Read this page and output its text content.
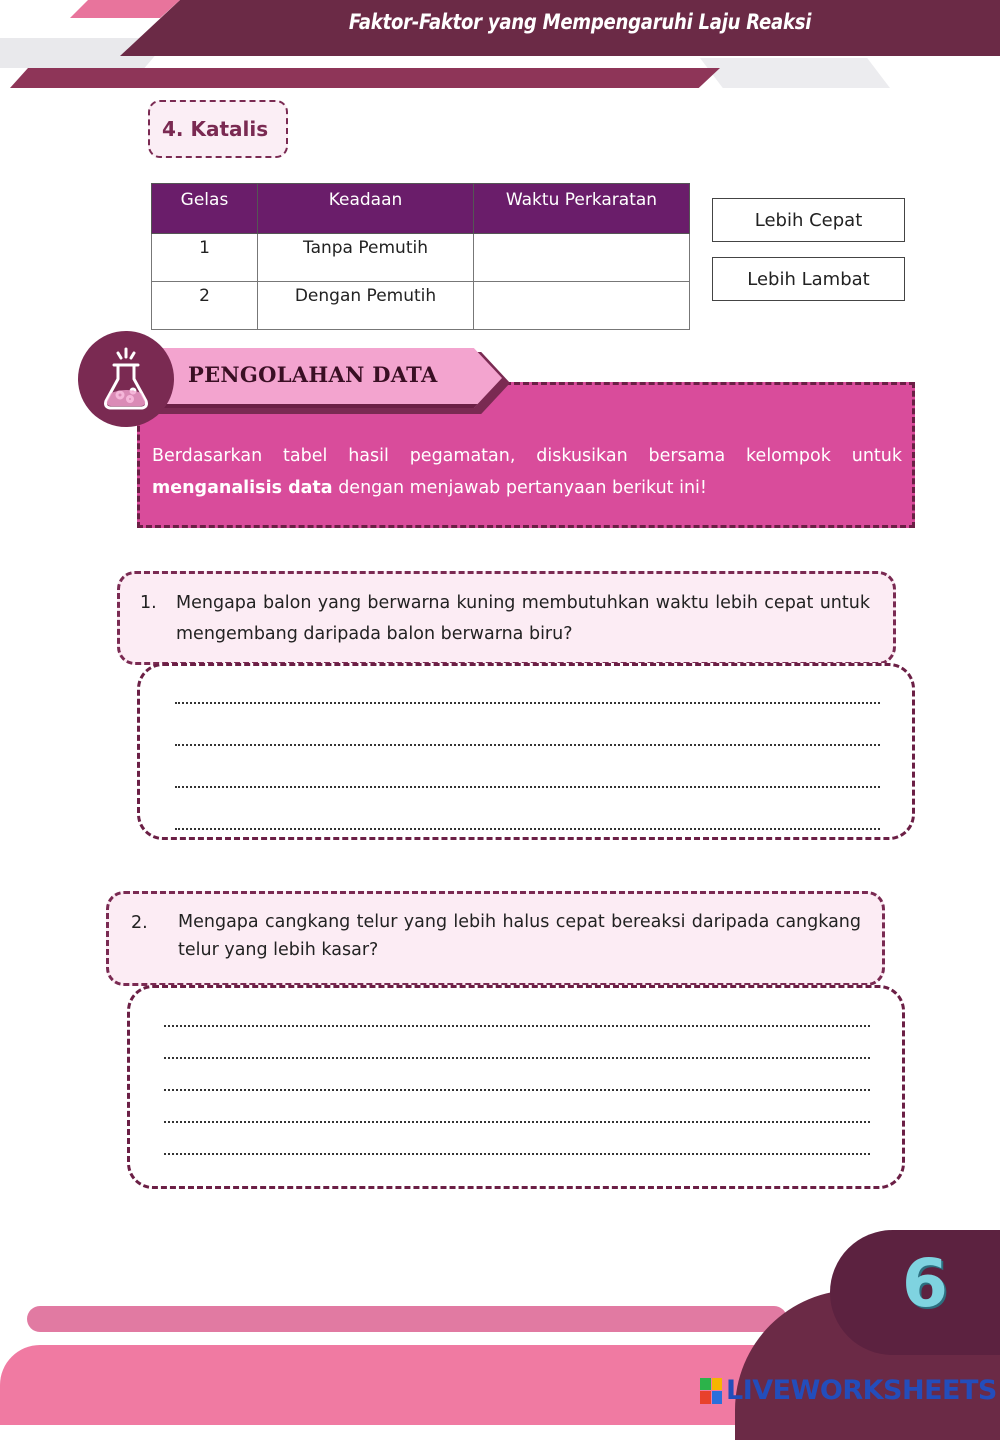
Faktor-Faktor yang Mempengaruhi Laju Reaksi
4. Katalis
Gelas	Keadaan	Waktu Perkaratan
1	Tanpa Pemutih	
2	Dengan Pemutih	
Lebih Cepat
Lebih Lambat
Berdasarkan tabel hasil pegamatan, diskusikan bersama kelompok untuk menganalisis data dengan menjawab pertanyaan berikut ini!
PENGOLAHAN DATA
1. Mengapa balon yang berwarna kuning membutuhkan waktu lebih cepat untuk mengembang daripada balon berwarna biru?
2. Mengapa cangkang telur yang lebih halus cepat bereaksi daripada cangkang telur yang lebih kasar?
6
LIVEWORKSHEETS
